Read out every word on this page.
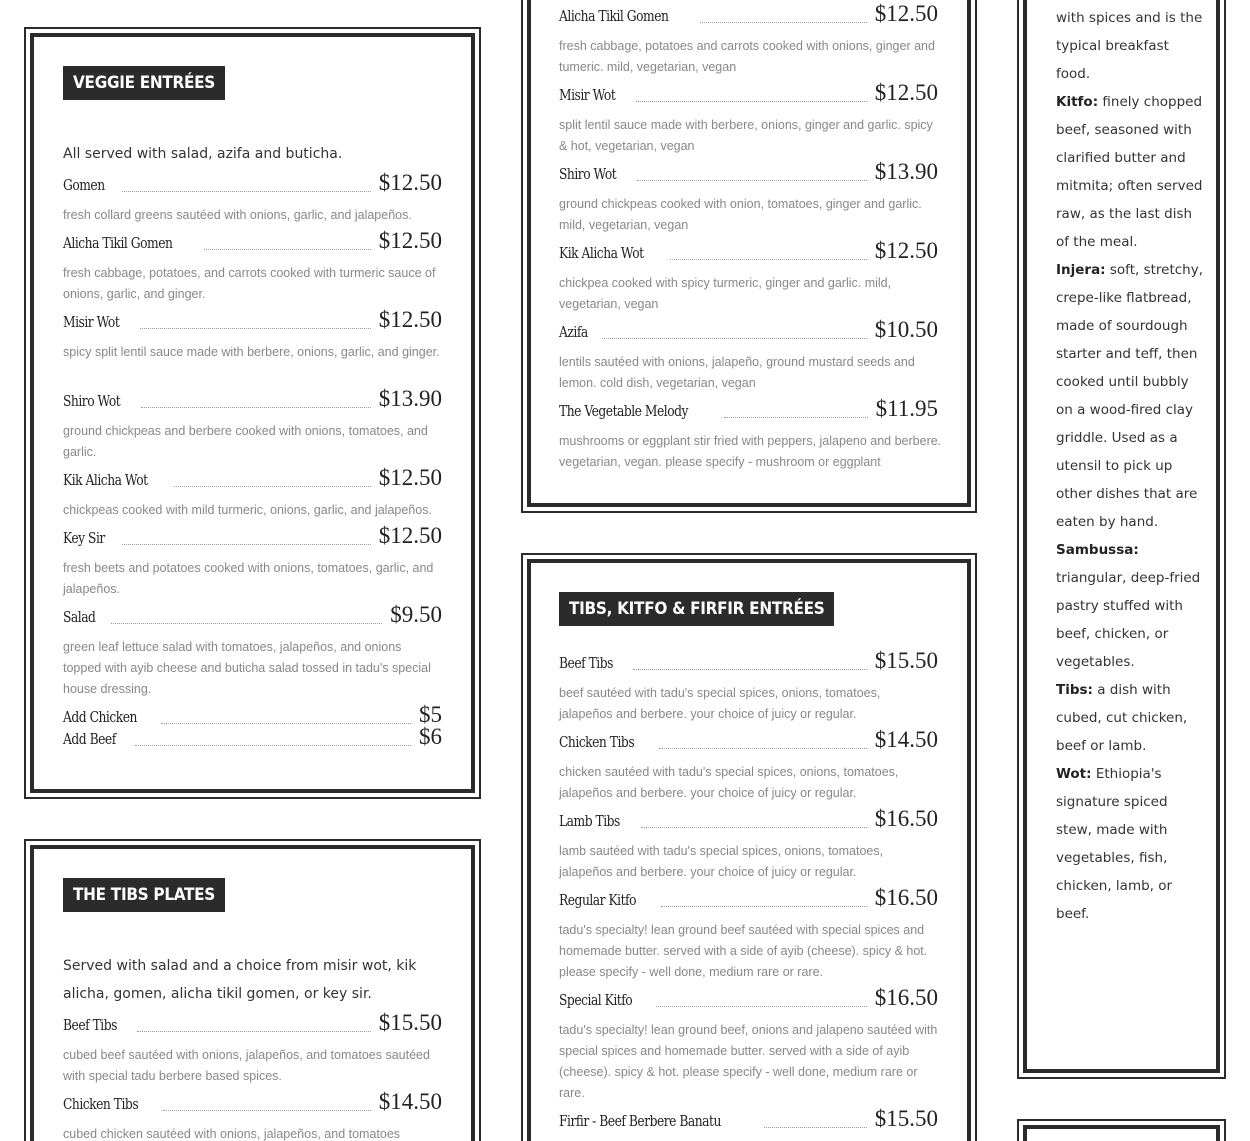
VEGGIE ENTRÉES
All served with salad, azifa and buticha.
Gomen	$12.50
fresh collard greens sautéed with onions, garlic, and jalapeños.
Alicha Tikil Gomen	$12.50
fresh cabbage, potatoes, and carrots cooked with turmeric sauce of onions, garlic, and ginger.
Misir Wot	$12.50
spicy split lentil sauce made with berbere, onions, garlic, and ginger.
Shiro Wot	$13.90
ground chickpeas and berbere cooked with onions, tomatoes, and garlic.
Kik Alicha Wot	$12.50
chickpeas cooked with mild turmeric, onions, garlic, and jalapeños.
Key Sir	$12.50
fresh beets and potatoes cooked with onions, tomatoes, garlic, and jalapeños.
Salad	$9.50
green leaf lettuce salad with tomatoes, jalapeños, and onions topped with ayib cheese and buticha salad tossed in tadu's special house dressing.
Add Chicken	$5
Add Beef	$6
THE TIBS PLATES
Served with salad and a choice from misir wot, kik alicha, gomen, alicha tikil gomen, or key sir.
Beef Tibs	$15.50
cubed beef sautéed with onions, jalapeños, and tomatoes sautéed with special tadu berbere based spices.
Chicken Tibs	$14.50
cubed chicken sautéed with onions, jalapeños, and tomatoes
Alicha Tikil Gomen	$12.50
fresh cabbage, potatoes and carrots cooked with onions, ginger and tumeric. mild, vegetarian, vegan
Misir Wot	$12.50
split lentil sauce made with berbere, onions, ginger and garlic. spicy & hot, vegetarian, vegan
Shiro Wot	$13.90
ground chickpeas cooked with onion, tomatoes, ginger and garlic. mild, vegetarian, vegan
Kik Alicha Wot	$12.50
chickpea cooked with spicy turmeric, ginger and garlic. mild, vegetarian, vegan
Azifa	$10.50
lentils sautéed with onions, jalapeño, ground mustard seeds and lemon. cold dish, vegetarian, vegan
The Vegetable Melody	$11.95
mushrooms or eggplant stir fried with peppers, jalapeno and berbere. vegetarian, vegan. please specify - mushroom or eggplant
TIBS, KITFO & FIRFIR ENTRÉES
Beef Tibs	$15.50
beef sautéed with tadu's special spices, onions, tomatoes, jalapeños and berbere. your choice of juicy or regular.
Chicken Tibs	$14.50
chicken sautéed with tadu's special spices, onions, tomatoes, jalapeños and berbere. your choice of juicy or regular.
Lamb Tibs	$16.50
lamb sautéed with tadu's special spices, onions, tomatoes, jalapeños and berbere. your choice of juicy or regular.
Regular Kitfo	$16.50
tadu's specialty! lean ground beef sautéed with special spices and homemade butter. served with a side of ayib (cheese). spicy & hot. please specify - well done, medium rare or rare.
Special Kitfo	$16.50
tadu's specialty! lean ground beef, onions and jalapeno sautéed with special spices and homemade butter. served with a side of ayib (cheese). spicy & hot. please specify - well done, medium rare or rare.
Firfir - Beef Berbere Banatu	$15.50

with spices and is the typical breakfast food.

Kitfo: finely chopped beef, seasoned with clarified butter and mitmita; often served raw, as the last dish of the meal.

Injera: soft, stretchy, crepe-like flatbread, made of sourdough starter and teff, then cooked until bubbly on a wood-fired clay griddle. Used as a utensil to pick up other dishes that are eaten by hand.

Sambussa: triangular, deep-fried pastry stuffed with beef, chicken, or vegetables.

Tibs: a dish with cubed, cut chicken, beef or lamb.

Wot: Ethiopia's signature spiced stew, made with vegetables, fish, chicken, lamb, or beef.
